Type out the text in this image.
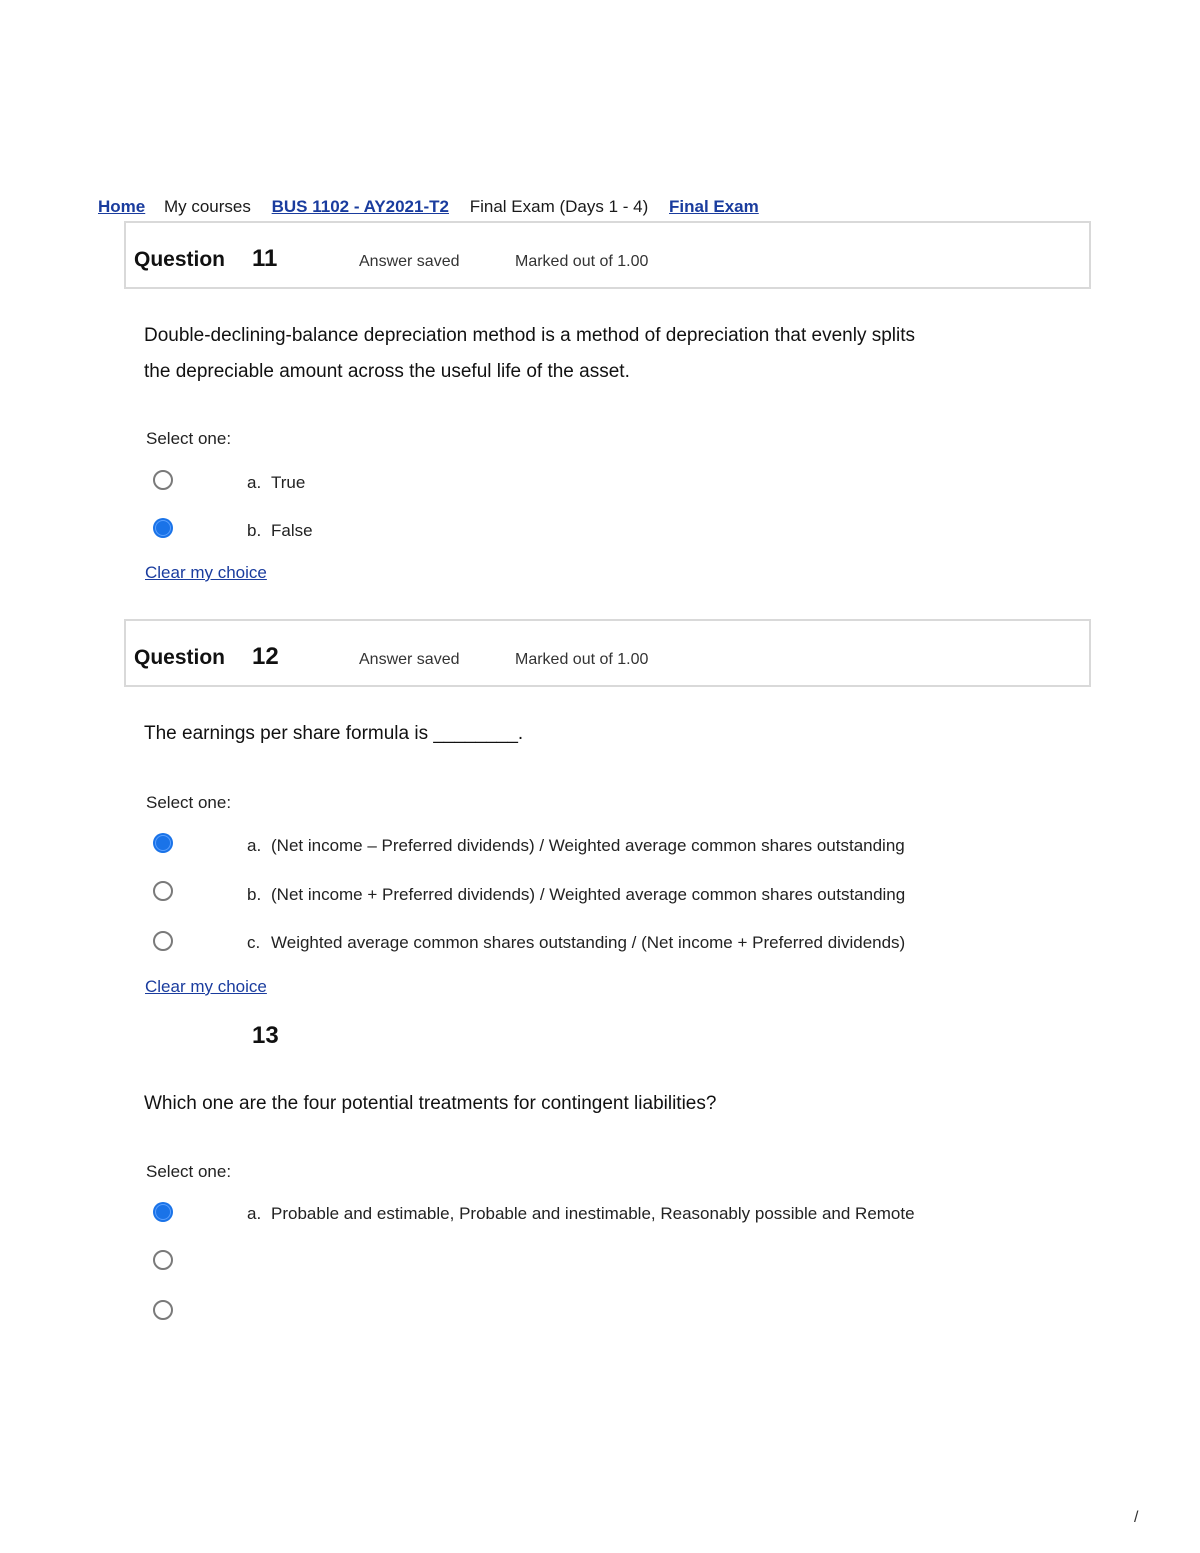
Home My courses BUS 1102 - AY2021-T2 Final Exam (Days 1 - 4) Final Exam
Question 11	Answer saved	Marked out of 1.00
Double-declining-balance depreciation method is a method of depreciation that evenly splits
the depreciable amount across the useful life of the asset.
Select one:
a. True
b. False
Clear my choice
Question 12	Answer saved	Marked out of 1.00
The earnings per share formula is ________.
Select one:
a. (Net income – Preferred dividends) / Weighted average common shares outstanding
b. (Net income + Preferred dividends) / Weighted average common shares outstanding
c. Weighted average common shares outstanding / (Net income + Preferred dividends)
Clear my choice
13
Which one are the four potential treatments for contingent liabilities?
Select one:
a. Probable and estimable, Probable and inestimable, Reasonably possible and Remote
/
